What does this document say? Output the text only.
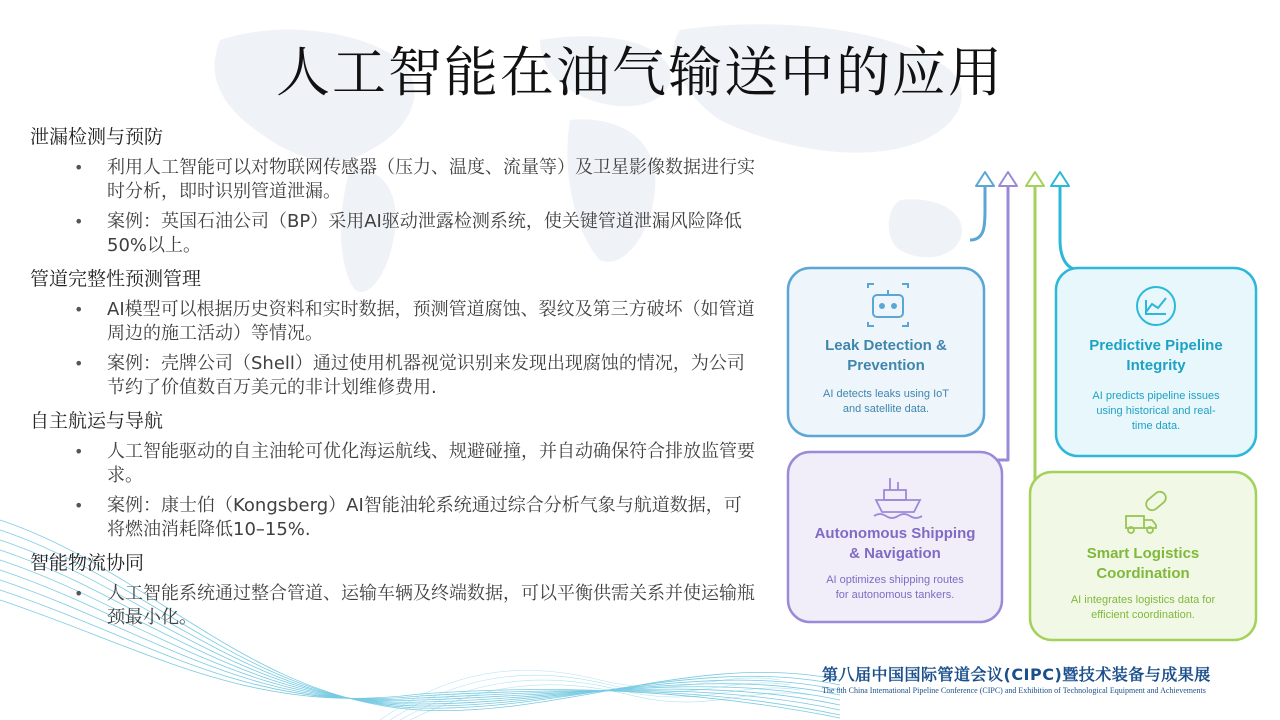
人工智能在油气输送中的应用
泄漏检测与预防
• 利用人工智能可以对物联网传感器（压力、温度、流量等）及卫星影像数据进行实时分析，即时识别管道泄漏。
• 案例：英国石油公司（BP）采用AI驱动泄露检测系统，使关键管道泄漏风险降低50%以上。
管道完整性预测管理
• AI模型可以根据历史资料和实时数据，预测管道腐蚀、裂纹及第三方破坏（如管道周边的施工活动）等情况。
• 案例：壳牌公司（Shell）通过使用机器视觉识别来发现出现腐蚀的情况，为公司节约了价值数百万美元的非计划维修费用.
自主航运与导航
• 人工智能驱动的自主油轮可优化海运航线、规避碰撞，并自动确保符合排放监管要求。
• 案例：康士伯（Kongsberg）AI智能油轮系统通过综合分析气象与航道数据，可将燃油消耗降低10–15%.
智能物流协同
• 人工智能系统通过整合管道、运输车辆及终端数据，可以平衡供需关系并使运输瓶颈最小化。
Leak Detection &
Prevention
AI detects leaks using IoT
and satellite data.
Predictive Pipeline
Integrity
AI predicts pipeline issues
using historical and real-
time data.
Autonomous Shipping
& Navigation
AI optimizes shipping routes
for autonomous tankers.
Smart Logistics
Coordination
AI integrates logistics data for
efficient coordination.
第八届中国国际管道会议(CIPC)暨技术装备与成果展
The 8th China International Pipeline Conference (CIPC) and Exhibition of Technological Equipment and Achievements
